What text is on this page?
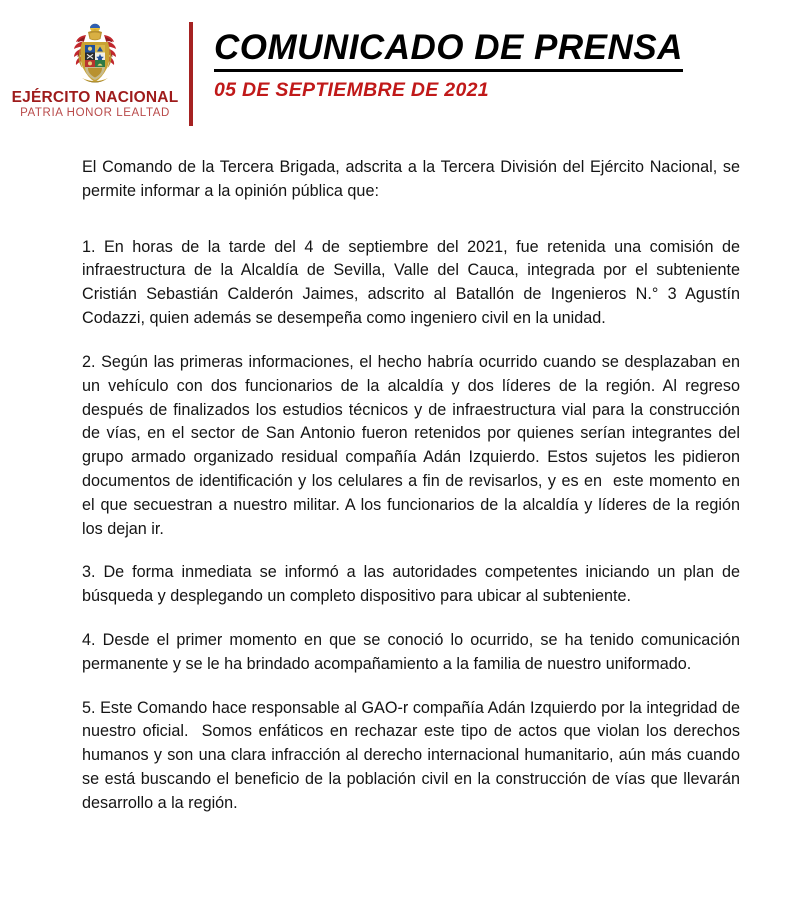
EJÉRCITO NACIONAL
PATRIA HONOR LEALTAD
COMUNICADO DE PRENSA
05 DE SEPTIEMBRE DE 2021

El Comando de la Tercera Brigada, adscrita a la Tercera División del Ejército Nacional, se permite informar a la opinión pública que:

1. En horas de la tarde del 4 de septiembre del 2021, fue retenida una comisión de infraestructura de la Alcaldía de Sevilla, Valle del Cauca, integrada por el subteniente Cristián Sebastián Calderón Jaimes, adscrito al Batallón de Ingenieros N.° 3 Agustín Codazzi, quien además se desempeña como ingeniero civil en la unidad.

2. Según las primeras informaciones, el hecho habría ocurrido cuando se desplazaban en un vehículo con dos funcionarios de la alcaldía y dos líderes de la región. Al regreso después de finalizados los estudios técnicos y de infraestructura vial para la construcción de vías, en el sector de San Antonio fueron retenidos por quienes serían integrantes del grupo armado organizado residual compañía Adán Izquierdo. Estos sujetos les pidieron documentos de identificación y los celulares a fin de revisarlos, y es en  este momento en el que secuestran a nuestro militar. A los funcionarios de la alcaldía y líderes de la región los dejan ir.

3. De forma inmediata se informó a las autoridades competentes iniciando un plan de búsqueda y desplegando un completo dispositivo para ubicar al subteniente.

4. Desde el primer momento en que se conoció lo ocurrido, se ha tenido comunicación permanente y se le ha brindado acompañamiento a la familia de nuestro uniformado.

5. Este Comando hace responsable al GAO-r compañía Adán Izquierdo por la integridad de nuestro oficial.  Somos enfáticos en rechazar este tipo de actos que violan los derechos humanos y son una clara infracción al derecho internacional humanitario, aún más cuando se está buscando el beneficio de la población civil en la construcción de vías que llevarán desarrollo a la región.
